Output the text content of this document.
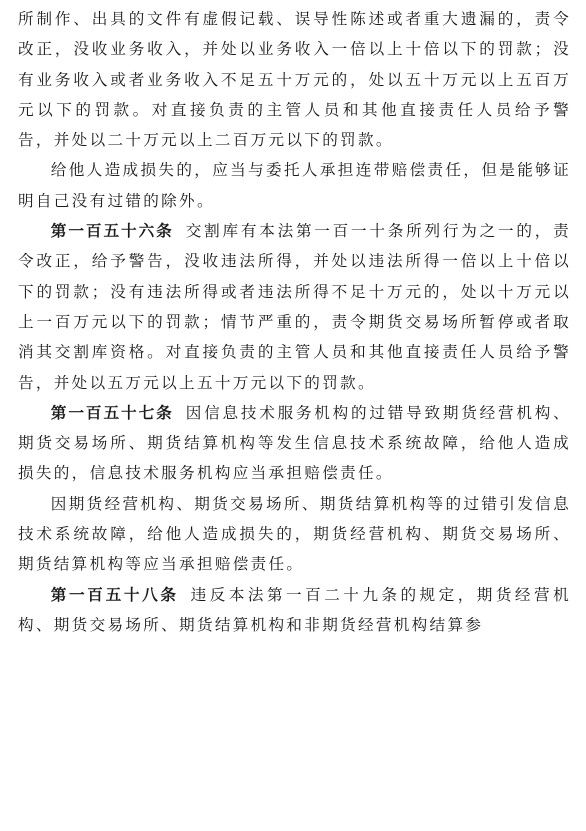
所制作、出具的文件有虚假记载、误导性陈述或者重大遗漏的，责令改正，没收业务收入，并处以业务收入一倍以上十倍以下的罚款；没有业务收入或者业务收入不足五十万元的，处以五十万元以上五百万元以下的罚款。对直接负责的主管人员和其他直接责任人员给予警告，并处以二十万元以上二百万元以下的罚款。

给他人造成损失的，应当与委托人承担连带赔偿责任，但是能够证明自己没有过错的除外。

第一百五十六条 交割库有本法第一百一十条所列行为之一的，责令改正，给予警告，没收违法所得，并处以违法所得一倍以上十倍以下的罚款；没有违法所得或者违法所得不足十万元的，处以十万元以上一百万元以下的罚款；情节严重的，责令期货交易场所暂停或者取消其交割库资格。对直接负责的主管人员和其他直接责任人员给予警告，并处以五万元以上五十万元以下的罚款。

第一百五十七条 因信息技术服务机构的过错导致期货经营机构、期货交易场所、期货结算机构等发生信息技术系统故障，给他人造成损失的，信息技术服务机构应当承担赔偿责任。

因期货经营机构、期货交易场所、期货结算机构等的过错引发信息技术系统故障，给他人造成损失的，期货经营机构、期货交易场所、期货结算机构等应当承担赔偿责任。

第一百五十八条 违反本法第一百二十九条的规定，期货经营机构、期货交易场所、期货结算机构和非期货经营机构结算参
